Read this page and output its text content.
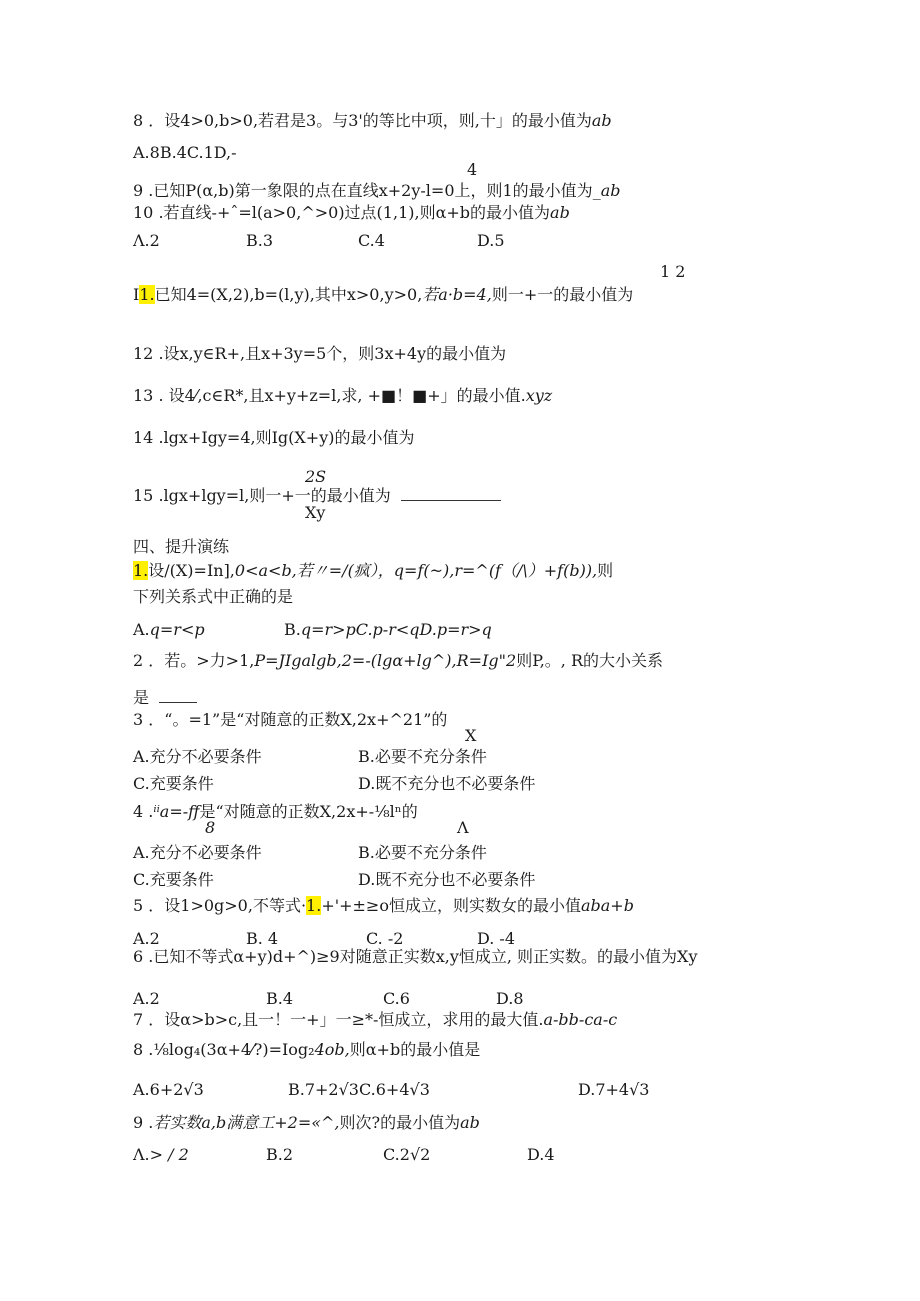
8 ．设4>0,b>0,若君是3。与3'的等比中项，则,十」的最小值为ab
A.8B.4C.1D,-
4
9 .已知P(α,b)第一象限的点在直线x+2y-l=0上，则1的最小值为_ab
10 .若直线-+ˆ=l(a>0,^>0)过点(1,1),则α+b的最小值为ab
Λ.2	B.3	C.4	D.5
1 2
I1.已知4=(X,2),b=(l,y),其中x>0,y>0,若a·b=4,则一+一的最小值为
12 .设x,y∈R+,且x+3y=5个，则3x+4y的最小值为
13 . 设4⁄,c∈R*,且x+y+z=l,求, +■！■+」的最小值.xyz
14 .lgx+Igy=4,则Ig(X+y)的最小值为
2S
15 .lgx+lgy=l,则一+一的最小值为
Xy
四、提升演练
1.设/(X)=In],0<a<b,若〃=/(疯），q=f(~),r=^(f（/\）+f(b)),则
下列关系式中正确的是
A.q=r<p	B.q=r>pC.p-r<qD.p=r>q
2 ．若。>力>1,P=JIgalgb,2=-(lgα+lg^),R=Ig"2则P,。, R的大小关系
是
3 ．“。=1”是“对随意的正数X,2x+^21”的
X
A.充分不必要条件	B.必要不充分条件
C.充要条件	D.既不充分也不必要条件
4 .ⁱⁱa=-ff是“对随意的正数X,2x+-⅛lⁿ的
8	Λ
A.充分不必要条件	B.必要不充分条件
C.充要条件	D.既不充分也不必要条件
5 ．设1>0g>0,不等式·1.+'+±≥o恒成立，则实数女的最小值aba+b
A.2	B. 4	C. -2	D. -4
6 .已知不等式α+y)d+^)≥9对随意正实数x,y恒成立, 则正实数。的最小值为Xy
A.2	B.4	C.6	D.8
7 ．设α>b>c,且一！一+」一≥*-恒成立，求用的最大值.a-bb-ca-c
8 .⅛log₄(3α+4⁄?)=Iog₂4ob,则α+b的最小值是
A.6+2√3	B.7+2√3C.6+4√3	D.7+4√3
9 .若实数a,b满意工+2=«^,则次?的最小值为ab
Λ.> / 2	B.2	C.2√2	D.4
